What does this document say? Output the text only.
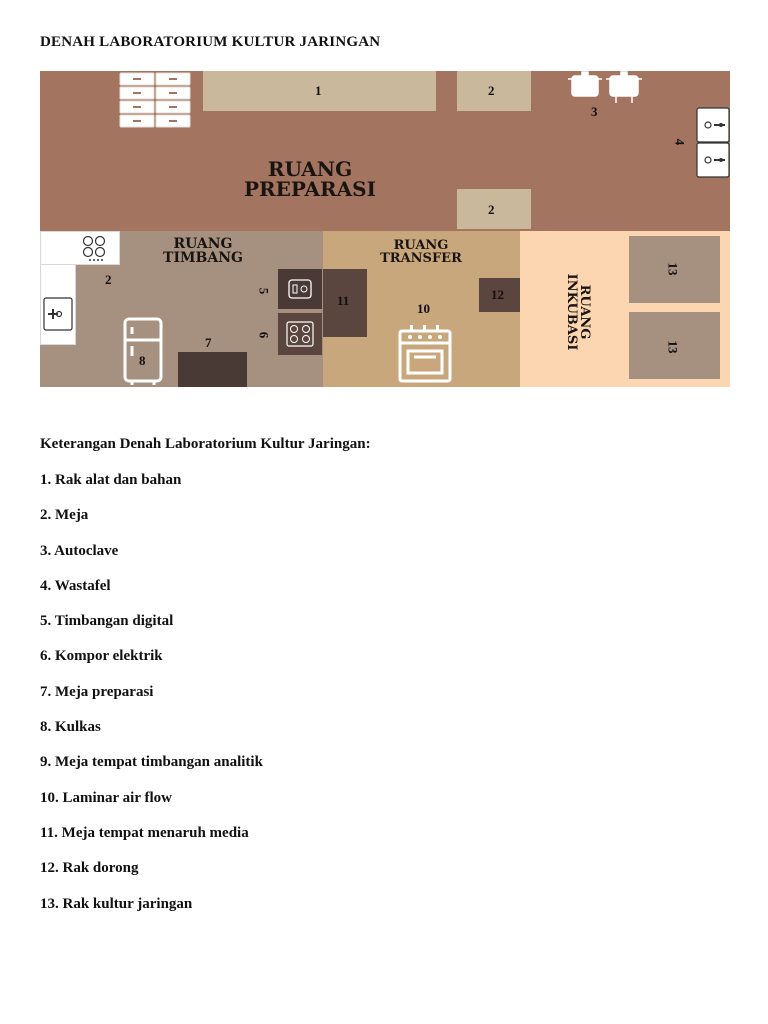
DENAH LABORATORIUM KULTUR JARINGAN
1	2
2
3
4
RUANG
PREPARASI
2
RUANG
TIMBANG
5
6
8
7
11
RUANG
TRANSFER
10
12	RUANG
INKUBASI
13
13
Keterangan Denah Laboratorium Kultur Jaringan:
1. Rak alat dan bahan
2. Meja
3. Autoclave
4. Wastafel
5. Timbangan digital
6. Kompor elektrik
7. Meja preparasi
8. Kulkas
9. Meja tempat timbangan analitik
10. Laminar air flow
11. Meja tempat menaruh media
12. Rak dorong
13. Rak kultur jaringan
